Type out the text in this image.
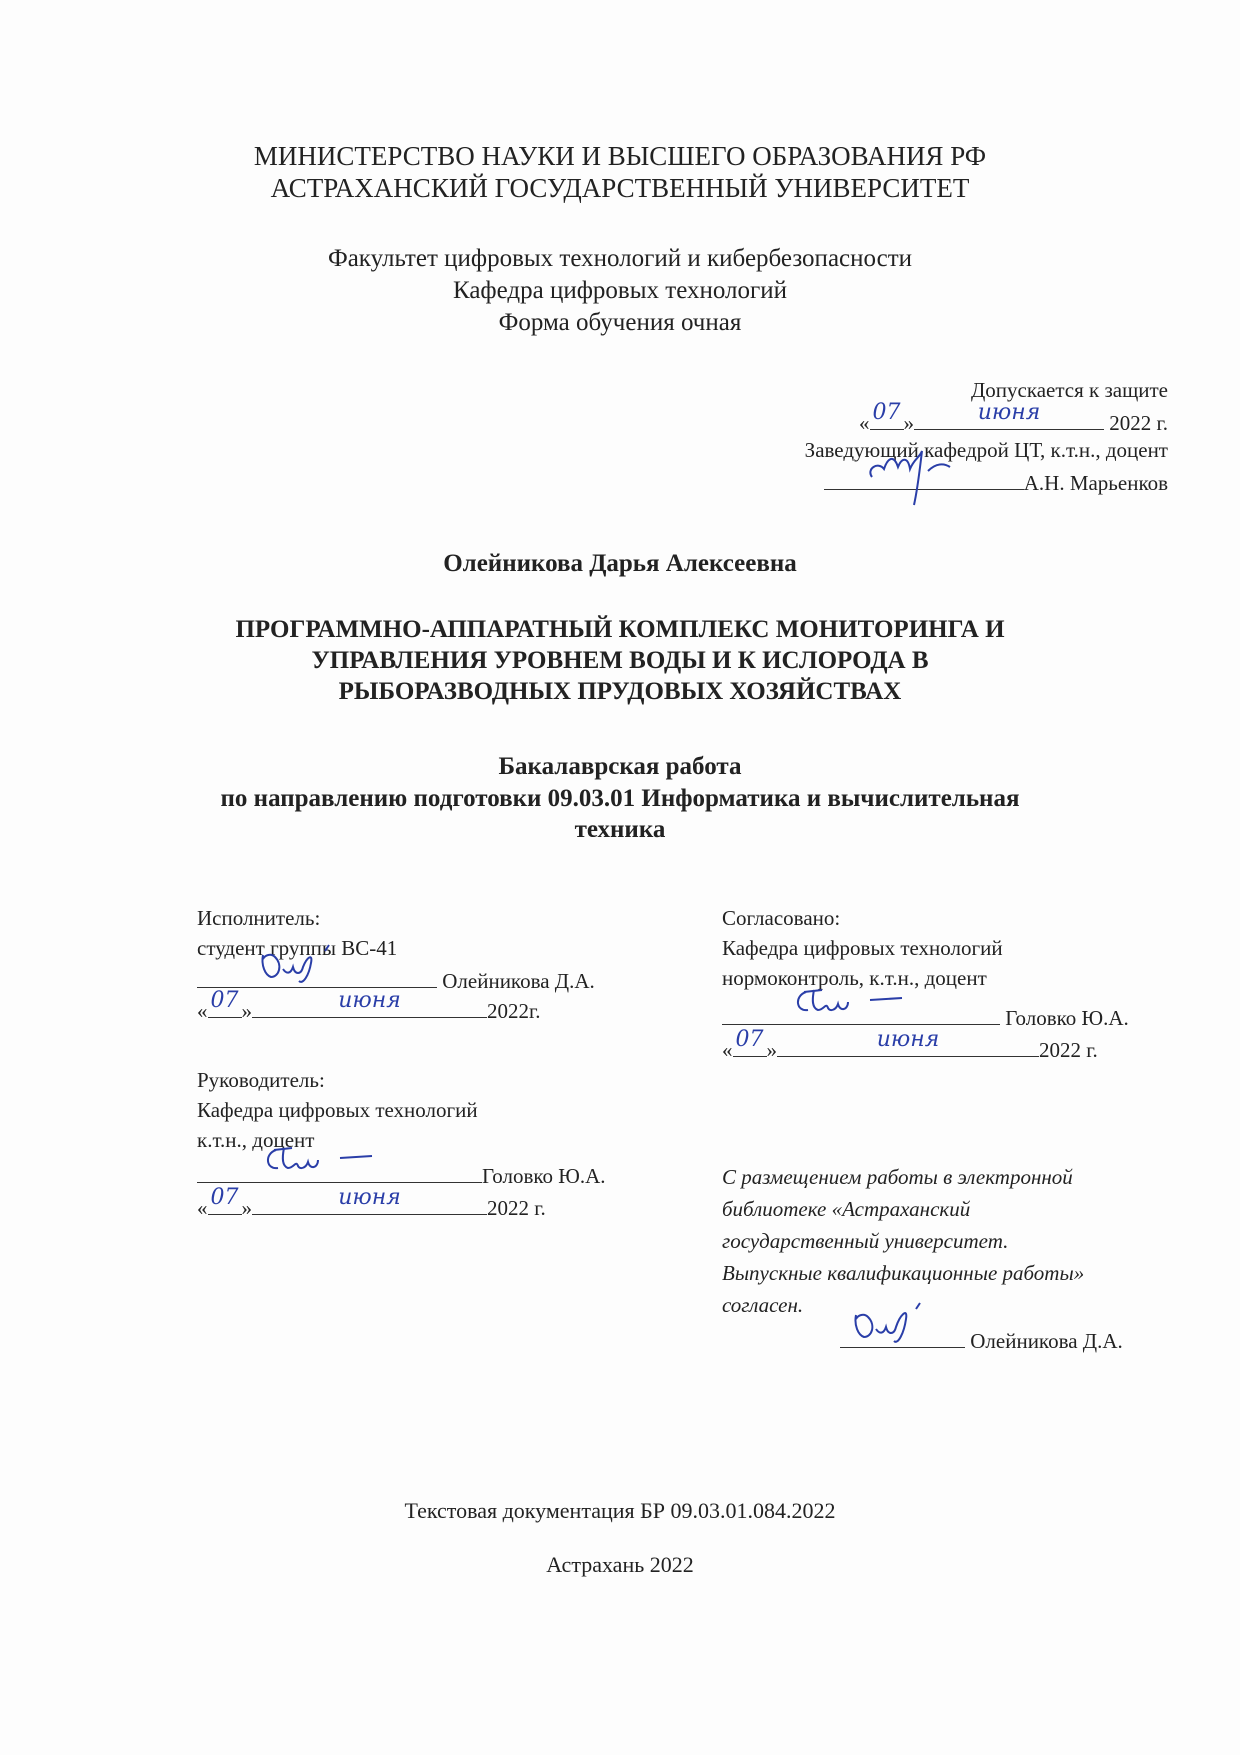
МИНИСТЕРСТВО НАУКИ И ВЫСШЕГО ОБРАЗОВАНИЯ РФ
АСТРАХАНСКИЙ ГОСУДАРСТВЕННЫЙ УНИВЕРСИТЕТ
Факультет цифровых технологий и кибербезопасности
Кафедра цифровых технологий
Форма обучения очная
Допускается к защите
« 07 »	июня	2022 г.
Заведующий кафедрой ЦТ, к.т.н., доцент
А.Н. Марьенков
Олейникова Дарья Алексеевна
ПРОГРАММНО-АППАРАТНЫЙ КОМПЛЕКС МОНИТОРИНГА И
УПРАВЛЕНИЯ УРОВНЕМ ВОДЫ И К ИСЛОРОДА В
РЫБОРАЗВОДНЫХ ПРУДОВЫХ ХОЗЯЙСТВАХ
Бакалаврская работа
по направлению подготовки 09.03.01 Информатика и вычислительная
техника
Исполнитель:
студент группы ВС-41
Олейникова Д.А.
« 07 »	июня	2022г.
Согласовано:
Кафедра цифровых технологий
нормоконтроль, к.т.н., доцент
Головко Ю.А.
« 07 »	июня	2022 г.
Руководитель:
Кафедра цифровых технологий
к.т.н., доцент
Головко Ю.А.
« 07 »	июня	2022 г.
С размещением работы в электронной
библиотеке «Астраханский
государственный университет.
Выпускные квалификационные работы»
согласен.
Олейникова Д.А.
Текстовая документация БР 09.03.01.084.2022
Астрахань 2022
